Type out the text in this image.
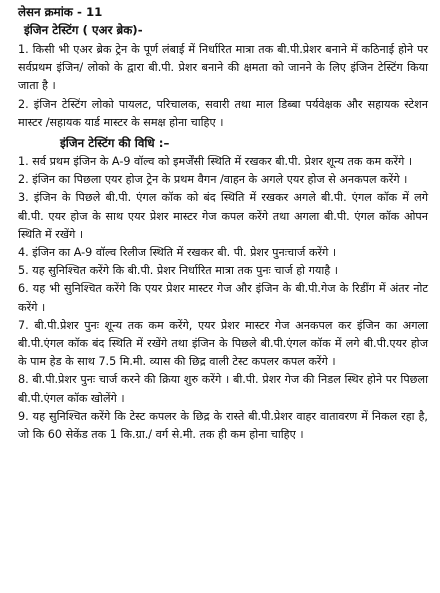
लेसन क्रमांक - 11
इंजिन टेस्टिंग ( एअर ब्रेक)-

1. किसी भी एअर ब्रेक ट्रेन के पूर्ण लंबाई में निर्धारित मात्रा तक बी.पी.प्रेशर बनाने में कठिनाई होने पर सर्वप्रथम इंजिन/ लोको के द्वारा बी.पी. प्रेशर बनाने की क्षमता को जानने के लिए इंजिन टेस्टिंग किया जाता है ।

2. इंजिन टेस्टिंग लोको पायलट, परिचालक, सवारी तथा माल डिब्बा पर्यवेक्षक और सहायक स्टेशन मास्टर /सहायक यार्ड मास्टर के समक्ष होना चाहिए ।

इंजिन टेस्टिंग की विधि :–

1. सर्व प्रथम इंजिन के A-9 वॉल्व को इमर्जेंसी स्थिति में रखकर बी.पी. प्रेशर शून्य तक कम करेंगे ।

2. इंजिन का पिछला एयर होज ट्रेन के प्रथम वैगन /वाहन के अगले एयर होज से अनकपल करेंगे ।

3. इंजिन के पिछले बी.पी. एंगल कॉक को बंद स्थिति में रखकर अगले बी.पी. एंगल कॉक में लगे बी.पी. एयर होज के साथ एयर प्रेशर मास्टर गेज कपल करेंगे तथा अगला बी.पी. एंगल कॉक ओपन स्थिति में रखेंगे ।

4. इंजिन का A-9 वॉल्व रिलीज स्थिति में रखकर बी. पी. प्रेशर पुनःचार्ज करेंगे ।

5. यह सुनिश्चित करेंगे कि बी.पी. प्रेशर निर्धारित मात्रा तक पुनः चार्ज हो गयाहै ।

6. यह भी सुनिश्चित करेंगे कि एयर प्रेशर मास्टर गेज और इंजिन के बी.पी.गेज के रिडींग में अंतर नोट करेंगे ।

7. बी.पी.प्रेशर पुनः शून्य तक कम करेंगे, एयर प्रेशर मास्टर गेज अनकपल कर इंजिन का अगला बी.पी.एंगल कॉक बंद स्थिति में रखेंगे तथा इंजिन के पिछले बी.पी.एंगल कॉक में लगे बी.पी.एयर होज के पाम हेड के साथ 7.5 मि.मी. व्यास की छिद्र वाली टेस्ट कपलर कपल करेंगे ।

8. बी.पी.प्रेशर पुनः चार्ज करने की क्रिया शुरु करेंगे । बी.पी. प्रेशर गेज की निडल स्थिर होने पर पिछला बी.पी.एंगल कॉक खोलेंगे ।

9. यह सुनिश्चित करेंगे कि टेस्ट कपलर के छिद्र के रास्ते बी.पी.प्रेशर वाहर वातावरण में निकल रहा है, जो कि 60 सेकेंड तक 1 कि.ग्रा./ वर्ग से.मी. तक ही कम होना चाहिए ।
